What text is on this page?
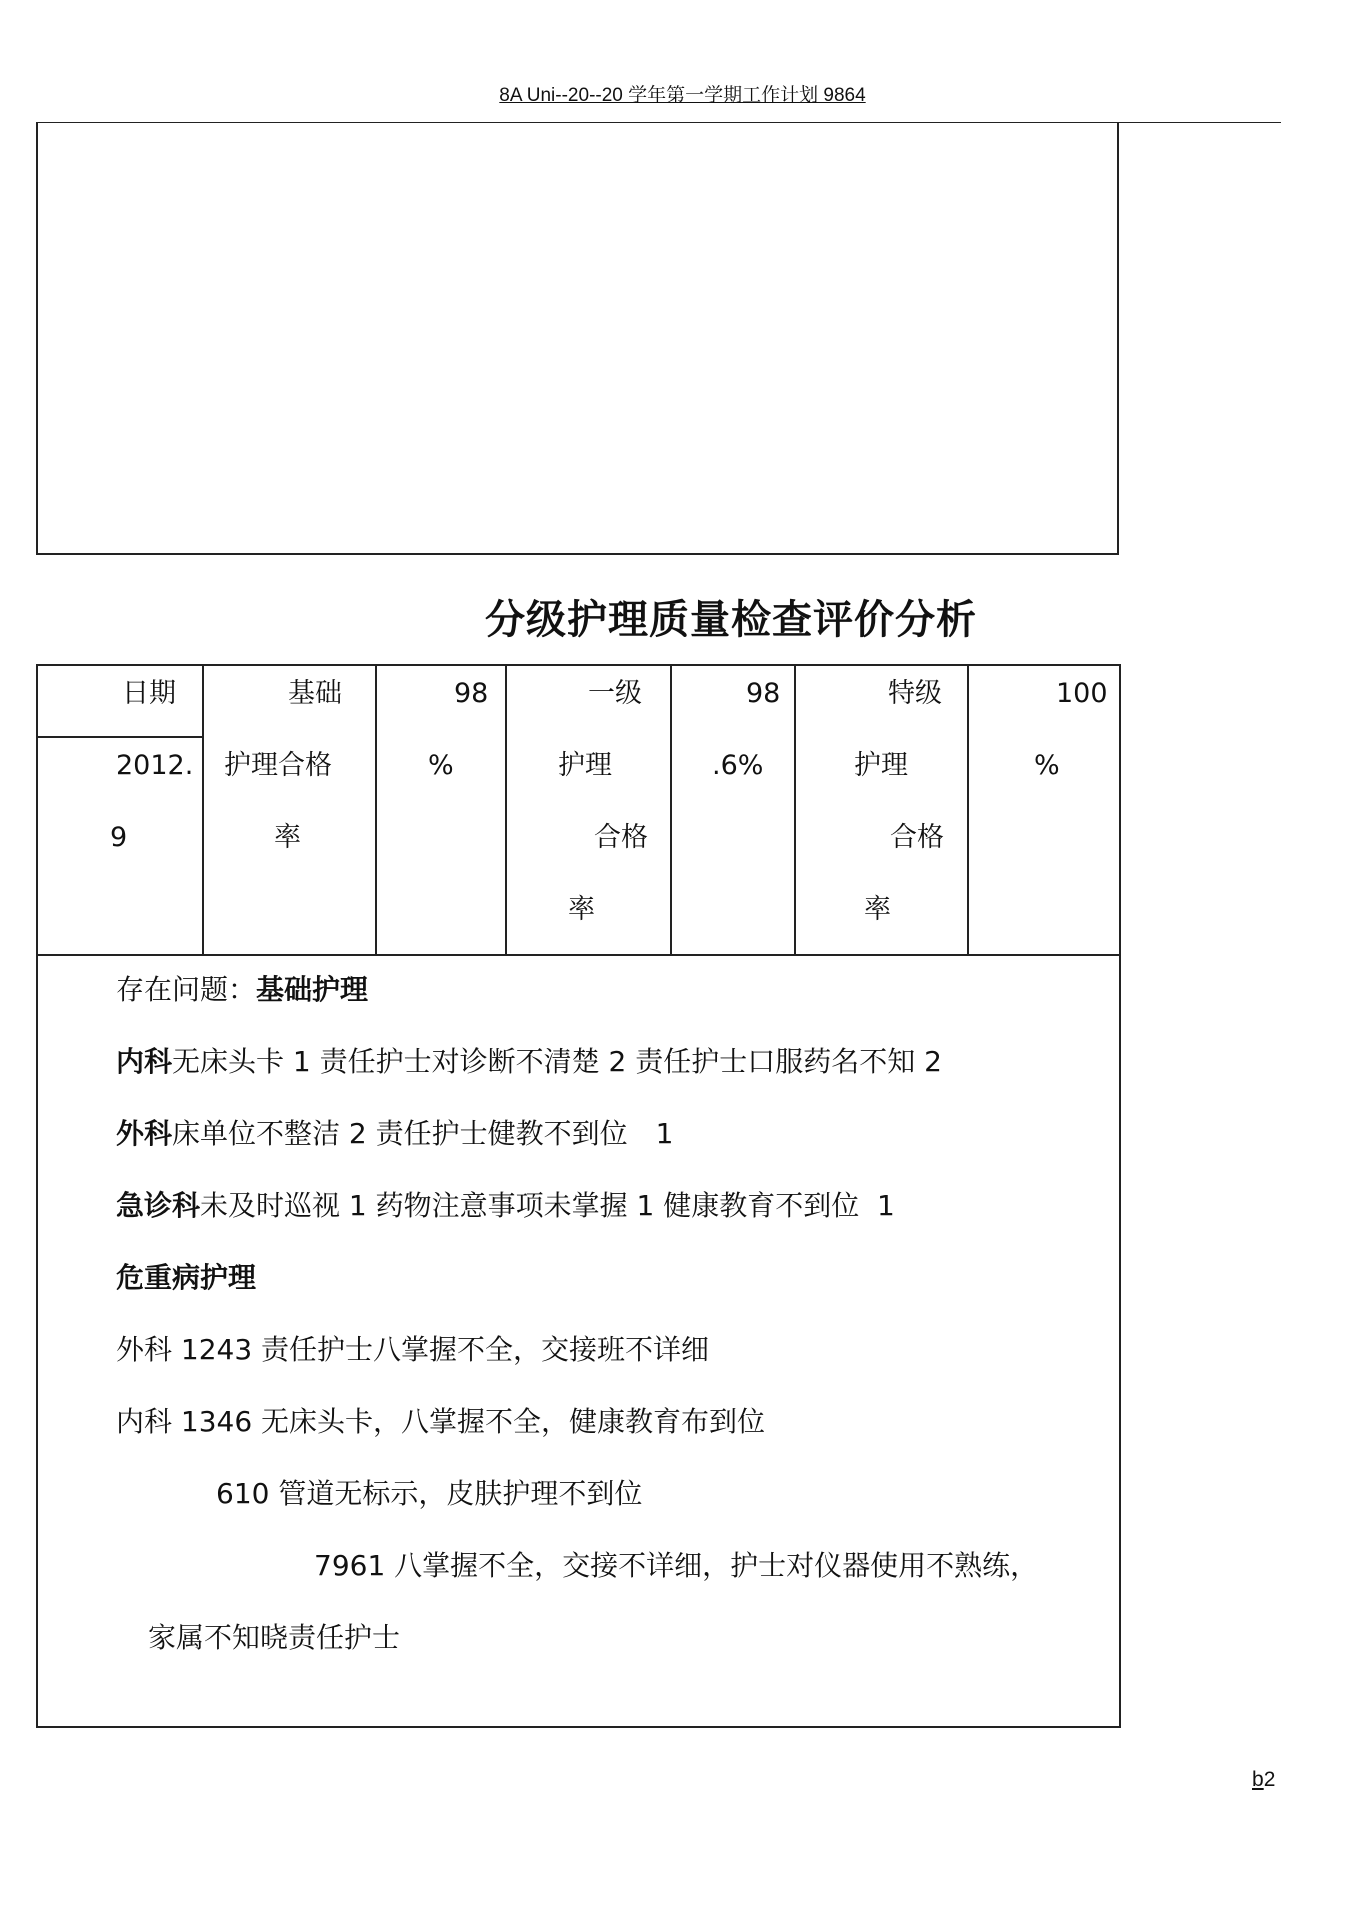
8A Uni--20--20 学年第一学期工作计划 9864
分级护理质量检查评价分析
日期
2012.
9
基础
护理合格
率
98
%
一级
护理
合格
率
98
.6%
特级
护理
合格
率
100
%
存在问题：基础护理
内科无床头卡 1 责任护士对诊断不清楚 2 责任护士口服药名不知 2
外科床单位不整洁 2 责任护士健教不到位　1
急诊科未及时巡视 1 药物注意事项未掌握 1 健康教育不到位  1
危重病护理
外科 1243 责任护士八掌握不全，交接班不详细
内科 1346 无床头卡，八掌握不全，健康教育布到位
610 管道无标示，皮肤护理不到位
7961 八掌握不全，交接不详细，护士对仪器使用不熟练，
家属不知晓责任护士
b2
